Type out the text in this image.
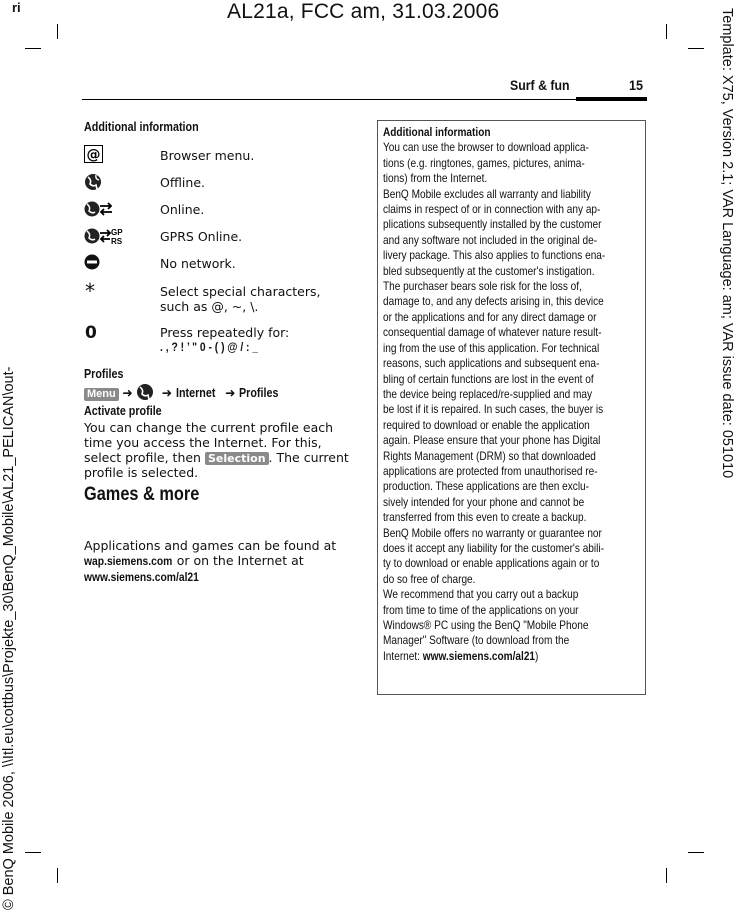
ri	AL21a, FCC am, 31.03.2006	Template: X75, Version 2.1; VAR Language: am; VAR issue date: 051010
© BenQ Mobile 2006, \\Itl.eu\cottbus\Projekte_30\BenQ_Mobile\AL21_PELICAN\out-
Surf & fun	15
Additional information
@	Browser menu.
Offline.
Online.
GP
RS	GPRS Online.
No network.
*	Select special characters,
such as @, ~, \.
0	Press repeatedly for:
. , ? ! ’ " 0 - ( ) @ / : _
Profiles
Menu ➜ ➜ Internet ➜ Profiles
Activate profile
You can change the current profile each
time you access the Internet. For this,
select profile, then Selection . The current
profile is selected.
Games & more
Applications and games can be found at
wap.siemens.com or on the Internet at
www.siemens.com/al21
Additional information
You can use the browser to download applica-
tions (e.g. ringtones, games, pictures, anima-
tions) from the Internet.
BenQ Mobile excludes all warranty and liability
claims in respect of or in connection with any ap-
plications subsequently installed by the customer
and any software not included in the original de-
livery package. This also applies to functions ena-
bled subsequently at the customer's instigation.
The purchaser bears sole risk for the loss of,
damage to, and any defects arising in, this device
or the applications and for any direct damage or
consequential damage of whatever nature result-
ing from the use of this application. For technical
reasons, such applications and subsequent ena-
bling of certain functions are lost in the event of
the device being replaced/re-supplied and may
be lost if it is repaired. In such cases, the buyer is
required to download or enable the application
again. Please ensure that your phone has Digital
Rights Management (DRM) so that downloaded
applications are protected from unauthorised re-
production. These applications are then exclu-
sively intended for your phone and cannot be
transferred from this even to create a backup.
BenQ Mobile offers no warranty or guarantee nor
does it accept any liability for the customer's abili-
ty to download or enable applications again or to
do so free of charge.
We recommend that you carry out a backup
from time to time of the applications on your
Windows® PC using the BenQ "Mobile Phone
Manager" Software (to download from the
Internet: www.siemens.com/al21)
